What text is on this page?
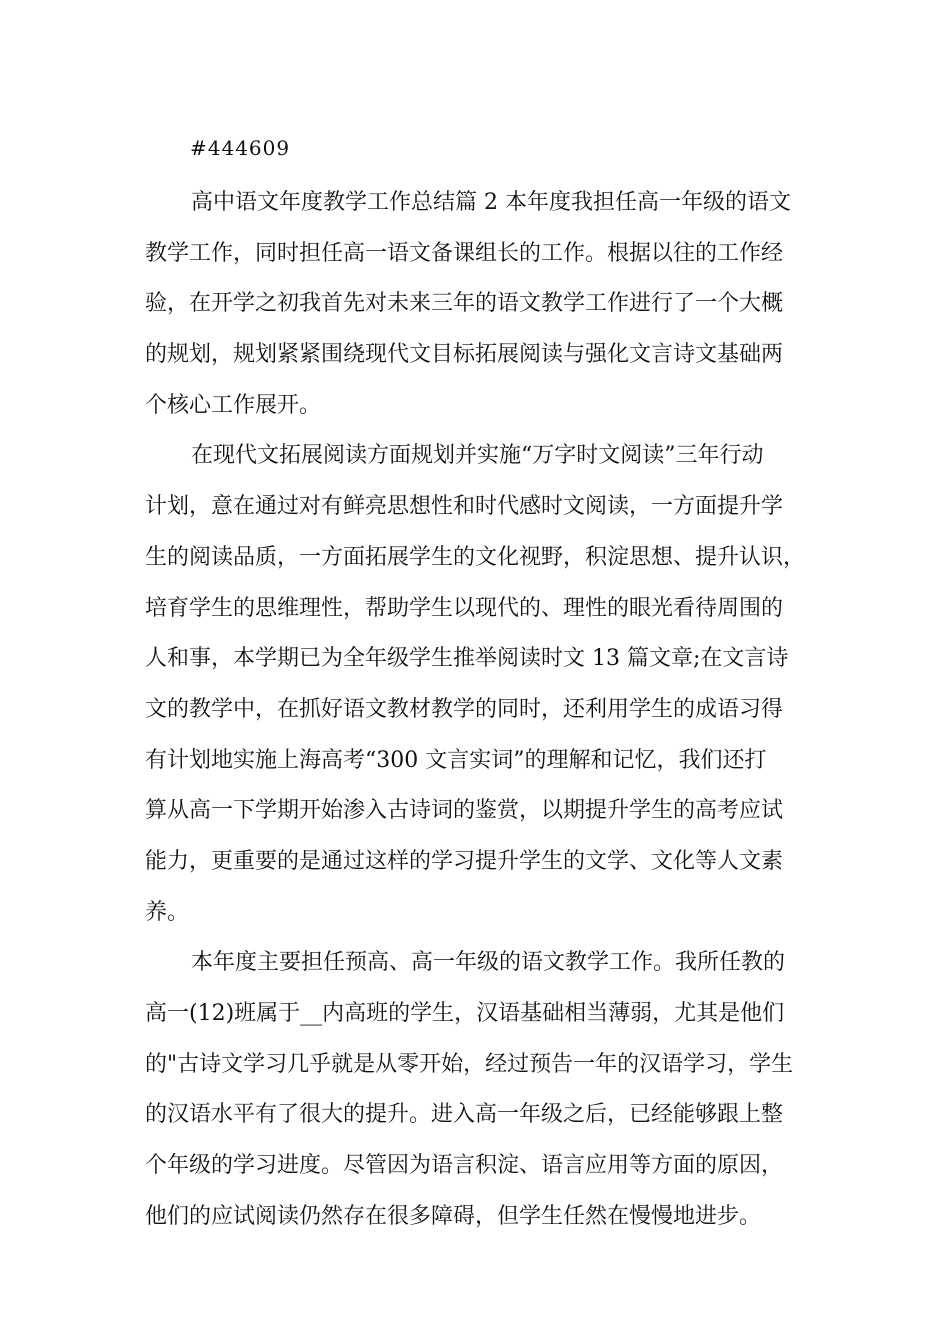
#444609
高中语文年度教学工作总结篇 2 本年度我担任高一年级的语文
教学工作，同时担任高一语文备课组长的工作。根据以往的工作经
验，在开学之初我首先对未来三年的语文教学工作进行了一个大概
的规划，规划紧紧围绕现代文目标拓展阅读与强化文言诗文基础两
个核心工作展开。
在现代文拓展阅读方面规划并实施“万字时文阅读”三年行动
计划，意在通过对有鲜亮思想性和时代感时文阅读，一方面提升学
生的阅读品质，一方面拓展学生的文化视野，积淀思想、提升认识，
培育学生的思维理性，帮助学生以现代的、理性的眼光看待周围的
人和事，本学期已为全年级学生推举阅读时文 13 篇文章;在文言诗
文的教学中，在抓好语文教材教学的同时，还利用学生的成语习得
有计划地实施上海高考“300 文言实词”的理解和记忆，我们还打
算从高一下学期开始渗入古诗词的鉴赏，以期提升学生的高考应试
能力，更重要的是通过这样的学习提升学生的文学、文化等人文素
养。
本年度主要担任预高、高一年级的语文教学工作。我所任教的
高一(12)班属于__内高班的学生，汉语基础相当薄弱，尤其是他们
的"古诗文学习几乎就是从零开始，经过预告一年的汉语学习，学生
的汉语水平有了很大的提升。进入高一年级之后，已经能够跟上整
个年级的学习进度。尽管因为语言积淀、语言应用等方面的原因，
他们的应试阅读仍然存在很多障碍，但学生任然在慢慢地进步。
